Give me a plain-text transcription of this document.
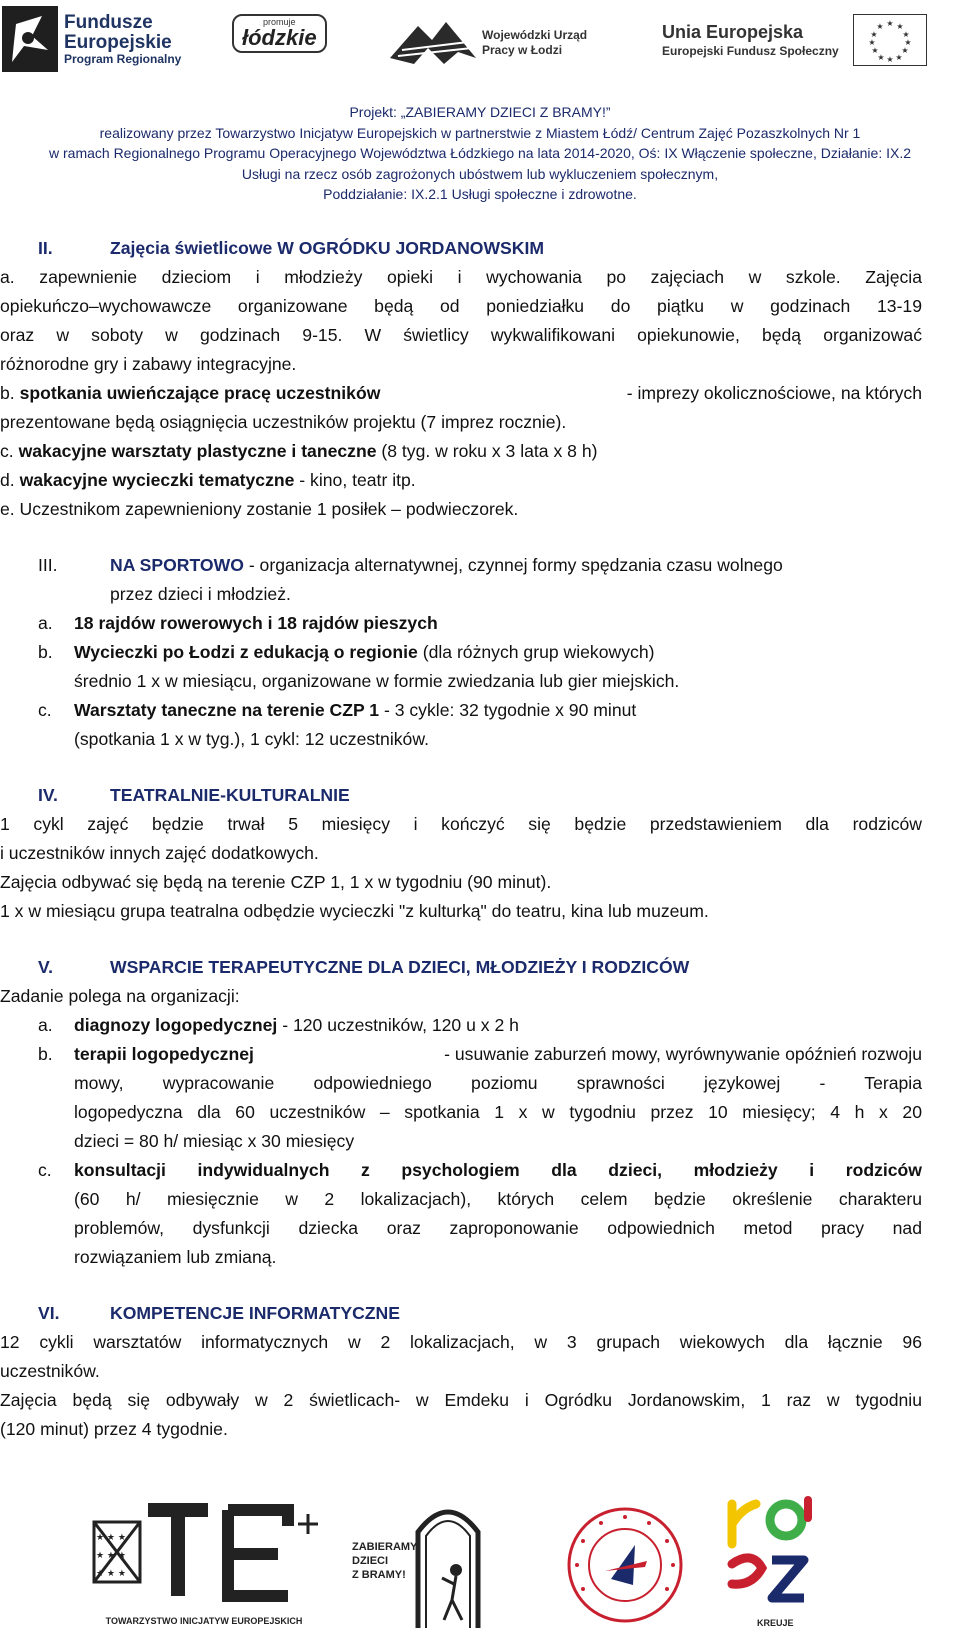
Fundusze
Europejskie
Program Regionalny
promuje
łódzkie	Wojewódzki Urząd
Pracy w Łodzi
Unia Europejska
Europejski Fundusz Społeczny
★ ★
★
★
★
★
★
★
★
★
★
★
Projekt: „ZABIERAMY DZIECI Z BRAMY!”
realizowany przez Towarzystwo Inicjatyw Europejskich w partnerstwie z Miastem Łódź/ Centrum Zajęć Pozaszkolnych Nr 1
w ramach Regionalnego Programu Operacyjnego Województwa Łódzkiego na lata 2014-2020, Oś: IX Włączenie społeczne, Działanie: IX.2
Usługi na rzecz osób zagrożonych ubóstwem lub wykluczeniem społecznym,
Poddziałanie: IX.2.1 Usługi społeczne i zdrowotne.
II.	Zajęcia świetlicowe W OGRÓDKU JORDANOWSKIM
a. zapewnienie dzieciom i młodzieży opieki i wychowania po zajęciach w szkole. Zajęcia
opiekuńczo–wychowawcze organizowane będą od poniedziałku do piątku w godzinach 13-19
oraz w soboty w godzinach 9-15. W świetlicy wykwalifikowani opiekunowie, będą organizować
różnorodne gry i zabawy integracyjne.
b. spotkania uwieńczające pracę uczestników	- imprezy okolicznościowe, na których
prezentowane będą osiągnięcia uczestników projektu (7 imprez rocznie).
c. wakacyjne warsztaty plastyczne i taneczne (8 tyg. w roku x 3 lata x 8 h)
d. wakacyjne wycieczki tematyczne - kino, teatr itp.
e. Uczestnikom zapewnieniony zostanie 1 posiłek – podwieczorek.
III.	NA SPORTOWO - organizacja alternatywnej, czynnej formy spędzania czasu wolnego
przez dzieci i młodzież.
a. 18 rajdów rowerowych i 18 rajdów pieszych
b. Wycieczki po Łodzi z edukacją o regionie (dla różnych grup wiekowych)
średnio 1 x w miesiącu, organizowane w formie zwiedzania lub gier miejskich.
c. Warsztaty taneczne na terenie CZP 1 - 3 cykle: 32 tygodnie x 90 minut
(spotkania 1 x w tyg.), 1 cykl: 12 uczestników.
IV.	TEATRALNIE-KULTURALNIE
1 cykl zajęć będzie trwał 5 miesięcy i kończyć się będzie przedstawieniem dla rodziców
i uczestników innych zajęć dodatkowych.
Zajęcia odbywać się będą na terenie CZP 1, 1 x w tygodniu (90 minut).
1 x w miesiącu grupa teatralna odbędzie wycieczki "z kulturką" do teatru, kina lub muzeum.
V.	WSPARCIE TERAPEUTYCZNE DLA DZIECI, MŁODZIEŻY I RODZICÓW
Zadanie polega na organizacji:
a. diagnozy logopedycznej - 120 uczestników, 120 u x 2 h
b. terapii logopedycznej	- usuwanie zaburzeń mowy, wyrównywanie opóźnień rozwoju
mowy, wypracowanie odpowiedniego poziomu sprawności językowej - Terapia
logopedyczna dla 60 uczestników – spotkania 1 x w tygodniu przez 10 miesięcy; 4 h x 20
dzieci = 80 h/ miesiąc x 30 miesięcy
c. konsultacji indywidualnych z psychologiem dla dzieci, młodzieży i rodziców
(60 h/ miesięcznie w 2 lokalizacjach), których celem będzie określenie charakteru
problemów, dysfunkcji dziecka oraz zaproponowanie odpowiednich metod pracy nad
rozwiązaniem lub zmianą.
VI.	KOMPETENCJE INFORMATYCZNE
12 cykli warsztatów informatycznych w 2 lokalizacjach, w 3 grupach wiekowych dla łącznie 96
uczestników.
Zajęcia będą się odbywały w 2 świetlicach- w Emdeku i Ogródku Jordanowskim, 1 raz w tygodniu
(120 minut) przez 4 tygodnie.
★ ★ ★
★ ★ ★
★ ★ ★
TOWARZYSTWO INICJATYW EUROPEJSKICH
ZABIERAMY
DZIECI
Z BRAMY!
KREUJE
